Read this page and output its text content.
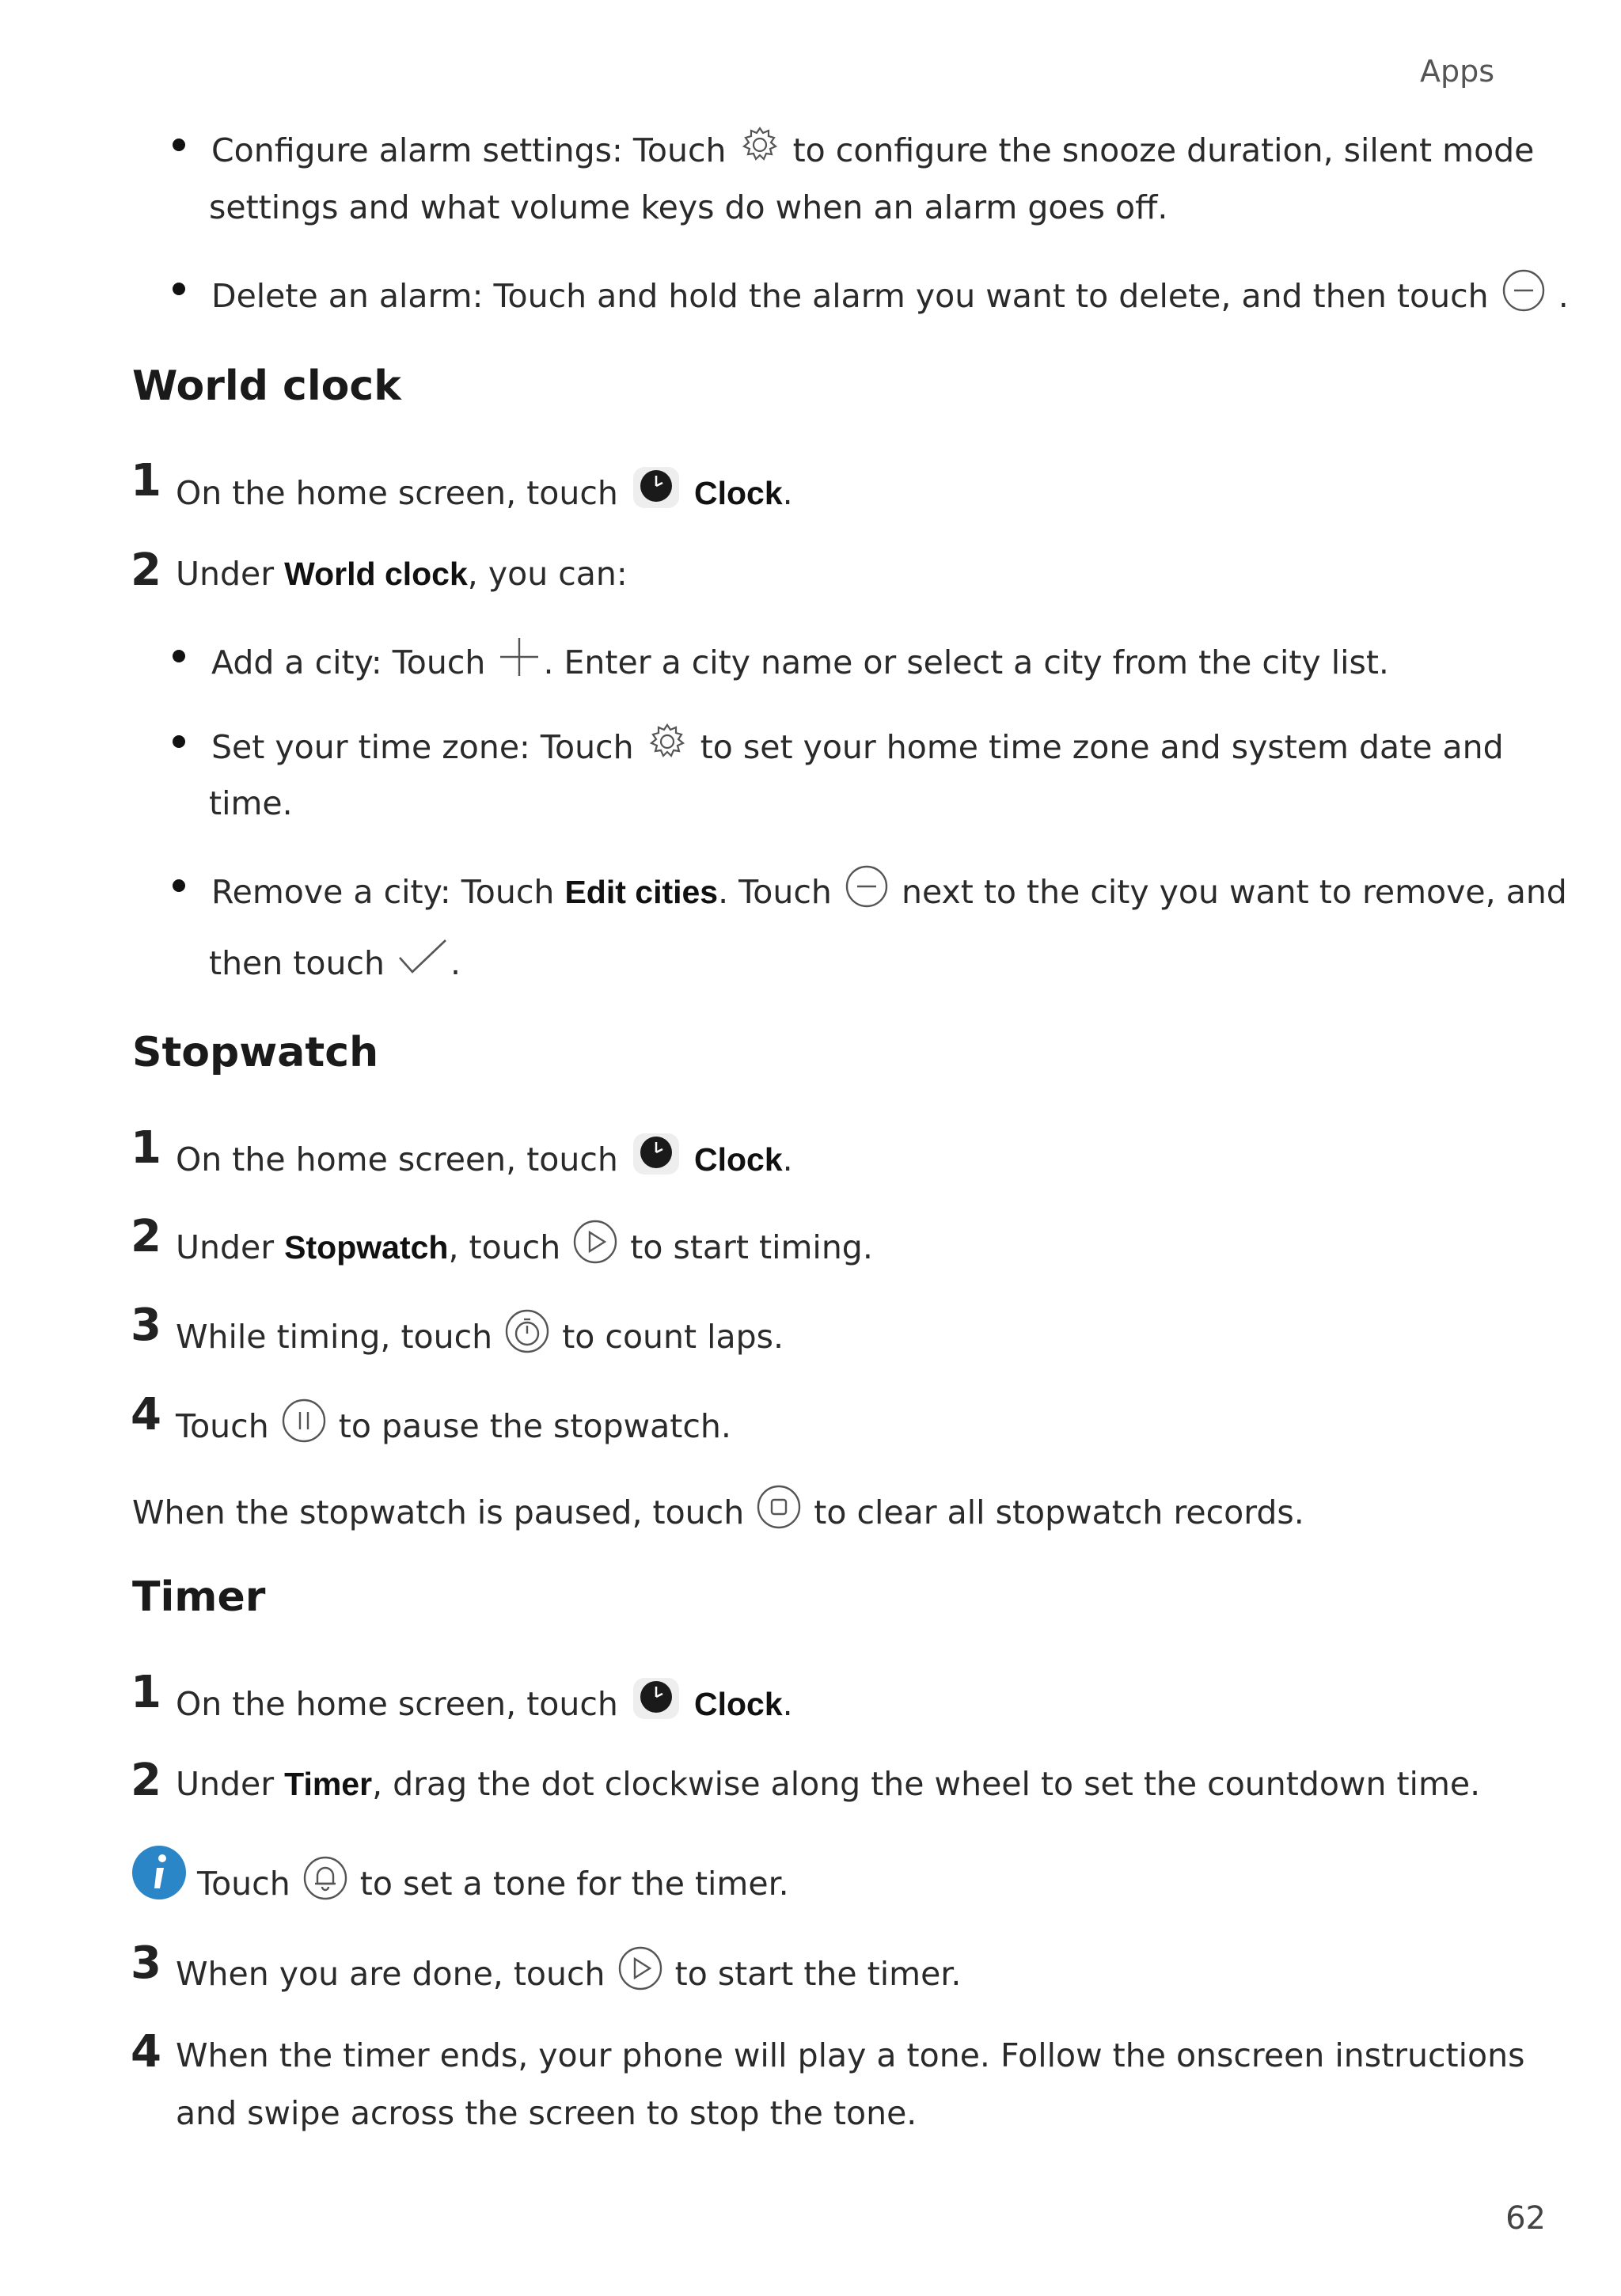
Apps
Configure alarm settings: Touch to configure the snooze duration, silent mode
settings and what volume keys do when an alarm goes off.
Delete an alarm: Touch and hold the alarm you want to delete, and then touch .
World clock
1 On the home screen, touch Clock.
2 Under World clock, you can:
Add a city: Touch . Enter a city name or select a city from the city list.
Set your time zone: Touch to set your home time zone and system date and
time.
Remove a city: Touch Edit cities. Touch next to the city you want to remove, and
then touch .
Stopwatch
1 On the home screen, touch Clock.
2 Under Stopwatch, touch to start timing.
3 While timing, touch to count laps.
4 Touch to pause the stopwatch.
When the stopwatch is paused, touch to clear all stopwatch records.
Timer
1 On the home screen, touch Clock.
2 Under Timer, drag the dot clockwise along the wheel to set the countdown time.
Touch to set a tone for the timer.
3 When you are done, touch to start the timer.
4 When the timer ends, your phone will play a tone. Follow the onscreen instructions
and swipe across the screen to stop the tone.
62
